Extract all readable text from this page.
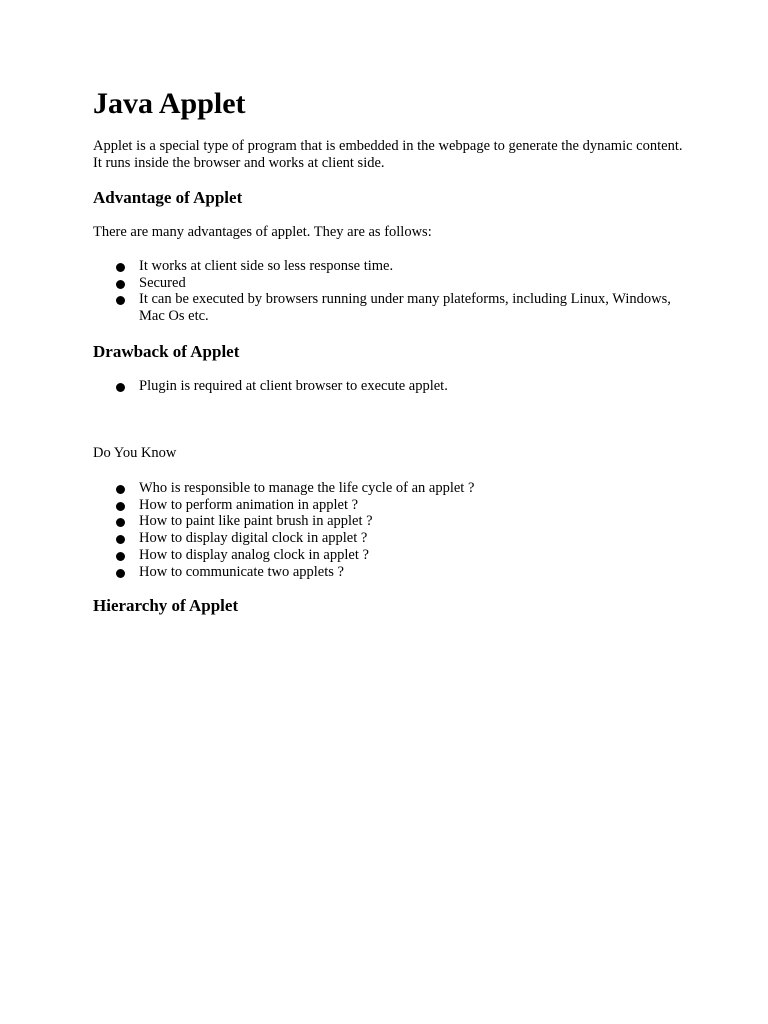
Java Applet

Applet is a special type of program that is embedded in the webpage to generate the dynamic content. It runs inside the browser and works at client side.

Advantage of Applet

There are many advantages of applet. They are as follows:

It works at client side so less response time.
Secured
It can be executed by browsers running under many plateforms, including Linux, Windows, Mac Os etc.
Drawback of Applet
Plugin is required at client browser to execute applet.

Do You Know

Who is responsible to manage the life cycle of an applet ?
How to perform animation in applet ?
How to paint like paint brush in applet ?
How to display digital clock in applet ?
How to display analog clock in applet ?
How to communicate two applets ?
Hierarchy of Applet
